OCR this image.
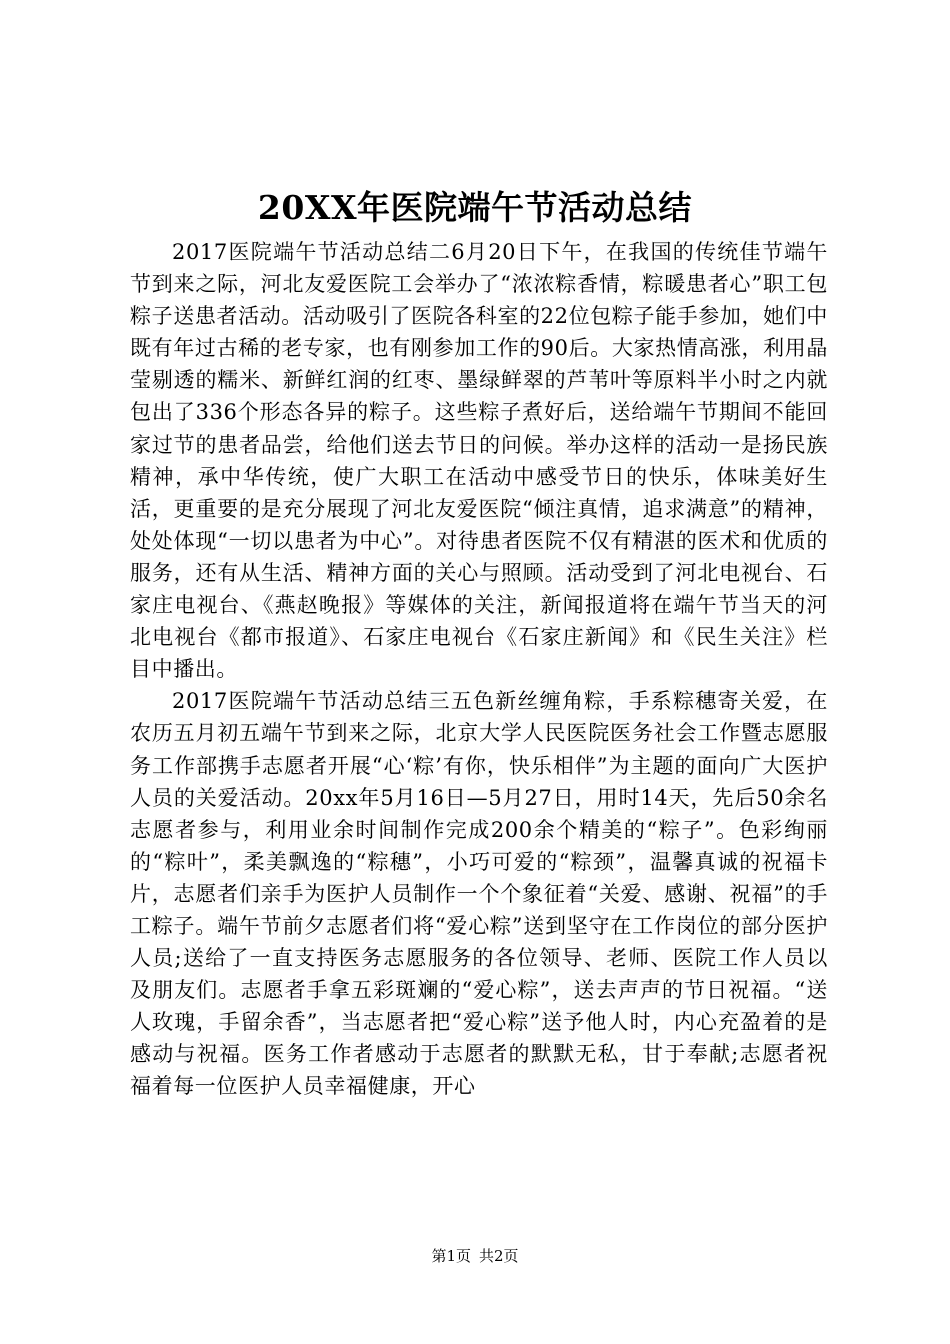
20XX年医院端午节活动总结

2017医院端午节活动总结二6月20日下午，在我国的传统佳节端午节到来之际，河北友爱医院工会举办了“浓浓粽香情，粽暖患者心”职工包粽子送患者活动。活动吸引了医院各科室的22位包粽子能手参加，她们中既有年过古稀的老专家，也有刚参加工作的90后。大家热情高涨，利用晶莹剔透的糯米、新鲜红润的红枣、墨绿鲜翠的芦苇叶等原料半小时之内就包出了336个形态各异的粽子。这些粽子煮好后，送给端午节期间不能回家过节的患者品尝，给他们送去节日的问候。举办这样的活动一是扬民族精神，承中华传统，使广大职工在活动中感受节日的快乐，体味美好生活，更重要的是充分展现了河北友爱医院“倾注真情，追求满意”的精神，处处体现“一切以患者为中心”。对待患者医院不仅有精湛的医术和优质的服务，还有从生活、精神方面的关心与照顾。活动受到了河北电视台、石家庄电视台、《燕赵晚报》等媒体的关注，新闻报道将在端午节当天的河北电视台《都市报道》、石家庄电视台《石家庄新闻》和《民生关注》栏目中播出。

2017医院端午节活动总结三五色新丝缠角粽，手系粽穗寄关爱，在农历五月初五端午节到来之际，北京大学人民医院医务社会工作暨志愿服务工作部携手志愿者开展“心‘粽’有你，快乐相伴”为主题的面向广大医护人员的关爱活动。20xx年5月16日—5月27日，用时14天，先后50余名志愿者参与，利用业余时间制作完成200余个精美的“粽子”。色彩绚丽的“粽叶”，柔美飘逸的“粽穗”，小巧可爱的“粽颈”，温馨真诚的祝福卡片，志愿者们亲手为医护人员制作一个个象征着“关爱、感谢、祝福”的手工粽子。端午节前夕志愿者们将“爱心粽”送到坚守在工作岗位的部分医护人员;送给了一直支持医务志愿服务的各位领导、老师、医院工作人员以及朋友们。志愿者手拿五彩斑斓的“爱心粽”，送去声声的节日祝福。“送人玫瑰，手留余香”，当志愿者把“爱心粽”送予他人时，内心充盈着的是感动与祝福。医务工作者感动于志愿者的默默无私，甘于奉献;志愿者祝福着每一位医护人员幸福健康，开心

第1页 共2页
